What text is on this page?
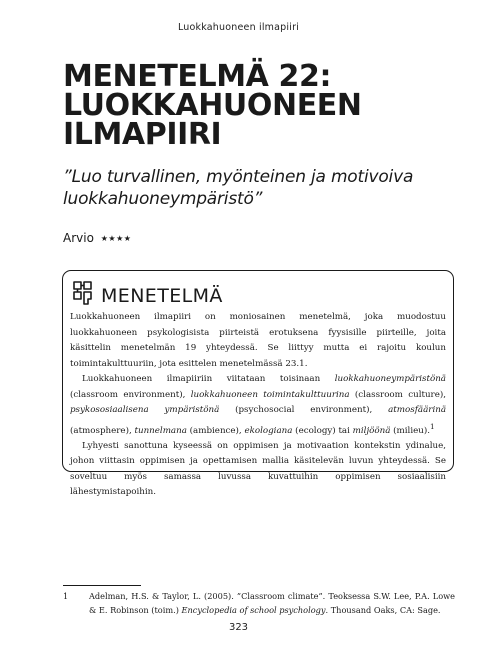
Luokkahuoneen ilmapiiri
MENETELMÄ 22:
LUOKKAHUONEEN
ILMAPIIRI
”Luo turvallinen, myönteinen ja motivoiva
luokkahuoneympäristö”
Arvio ★★★★
MENETELMÄ

Luokkahuoneen ilmapiiri on moniosainen menetelmä, joka muodostuu luokkahuoneen psykologisista piirteistä erotuksena fyysisille piirteille, joita käsittelin menetelmän 19 yhteydessä. Se liittyy mutta ei rajoitu koulun toimintakulttuuriin, jota esittelen menetelmässä 23.1.

Luokkahuoneen ilmapiiriin viitataan toisinaan luokkahuoneympäristönä (classroom environment), luokkahuoneen toimintakulttuurina (classroom culture), psykososiaalisena ympäristönä (psychosocial environment), atmosfäärinä (atmosphere), tunnelmana (ambience), ekologiana (ecology) tai miljöönä (milieu).$^1$

Lyhyesti sanottuna kyseessä on oppimisen ja motivaation kontekstin ydinalue, johon viittasin oppimisen ja opettamisen mallia käsitelevän luvun yhteydessä. Se soveltuu myös samassa luvussa kuvattuihin oppimisen sosiaalisiin lähestymistapoihin.

1	Adelman, H.S. & Taylor, L. (2005). ”Classroom climate”. Teoksessa S.W. Lee, P.A. Lowe & E. Robinson (toim.) Encyclopedia of school psychology. Thousand Oaks, CA: Sage.
323
